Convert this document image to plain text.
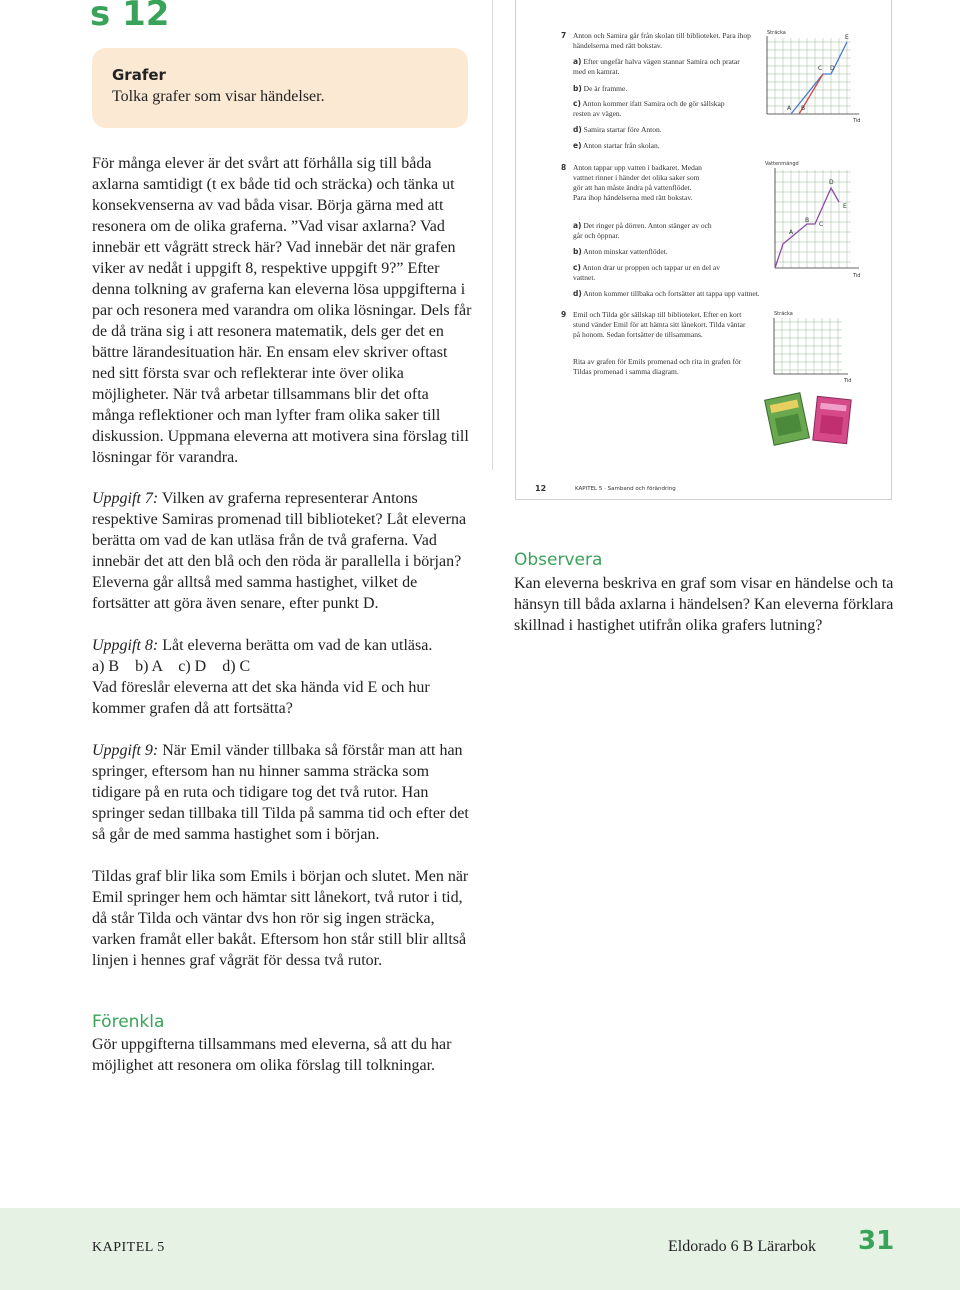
s 12
Grafer
Tolka grafer som visar händelser.

För många elever är det svårt att förhålla sig till båda axlarna samtidigt (t ex både tid och sträcka) och tänka ut konsekvenserna av vad båda visar. Börja gärna med att resonera om de olika graferna. ”Vad visar axlarna? Vad innebär ett vågrätt streck här? Vad innebär det när grafen viker av nedåt i uppgift 8, respektive uppgift 9?” Efter denna tolkning av graferna kan eleverna lösa uppgifterna i par och resonera med varandra om olika lösningar. Dels får de då träna sig i att resonera matematik, dels ger det en bättre lärandesituation här. En ensam elev skriver oftast ned sitt första svar och reflekterar inte över olika möjligheter. När två arbetar tillsammans blir det ofta många reflektioner och man lyfter fram olika saker till diskussion. Uppmana eleverna att motivera sina förslag till lösningar för varandra.

Uppgift 7: Vilken av graferna representerar Antons respektive Samiras promenad till biblioteket? Låt eleverna berätta om vad de kan utläsa från de två graferna. Vad innebär det att den blå och den röda är parallella i början? Eleverna går alltså med samma hastighet, vilket de fortsätter att göra även senare, efter punkt D.

Uppgift 8: Låt eleverna berätta om vad de kan utläsa.
a) B    b) A    c) D    d) C
Vad föreslår eleverna att det ska hända vid E och hur kommer grafen då att fortsätta?

Uppgift 9: När Emil vänder tillbaka så förstår man att han springer, eftersom han nu hinner samma sträcka som tidigare på en ruta och tidigare tog det två rutor. Han springer sedan tillbaka till Tilda på samma tid och efter det så går de med samma hastighet som i början.

Tildas graf blir lika som Emils i början och slutet. Men när Emil springer hem och hämtar sitt lånekort, två rutor i tid, då står Tilda och väntar dvs hon rör sig ingen sträcka, varken framåt eller bakåt. Eftersom hon står still blir alltså linjen i hennes graf vågrät för dessa två rutor.

Förenkla

Gör uppgifterna tillsammans med eleverna, så att du har möjlighet att resonera om olika förslag till tolkningar.

7 Anton och Samira går från skolan till biblioteket. Para ihop händelserna med rätt bokstav.
a) Efter ungefär halva vägen stannar Samira och pratar med en kamrat.
b) De är framme.
c) Anton kommer ifatt Samira och de gör sällskap resten av vägen.
d) Samira startar före Anton.
e) Anton startar från skolan.
Sträcka
Tid
A B
C D
E
8 Anton tappar upp vatten i badkaret. Medan vattnet rinner i händer det olika saker som gör att han måste ändra på vattenflödet. Para ihop händelserna med rätt bokstav.
a) Det ringer på dörren. Anton stänger av och går och öppnar.
b) Anton minskar vattenflödet.
c) Anton drar ur proppen och tappar ur en del av vattnet.
d) Anton kommer tillbaka och fortsätter att tappa upp vattnet.
Vattenmängd
Tid
A
B
C
D
E
9 Emil och Tilda gör sällskap till biblioteket. Efter en kort stund vänder Emil för att hämta sitt lånekort. Tilda väntar på honom. Sedan fortsätter de tillsammans.
Rita av grafen för Emils promenad och rita in grafen för Tildas promenad i samma diagram.
Sträcka
Tid
12	KAPITEL 5 · Samband och förändring
Observera

Kan eleverna beskriva en graf som visar en händelse och ta hänsyn till båda axlarna i händelsen? Kan eleverna förklara skillnad i hastighet utifrån olika grafers lutning?

KAPITEL 5	Eldorado 6 B Lärarbok 31
